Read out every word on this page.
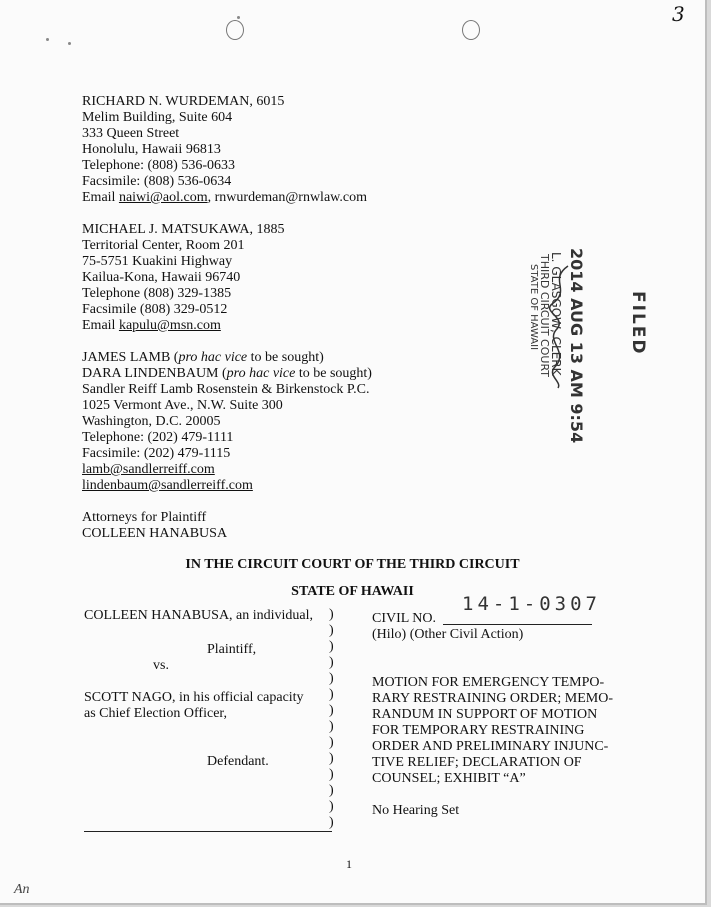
3
RICHARD N. WURDEMAN, 6015
Melim Building, Suite 604
333 Queen Street
Honolulu, Hawaii 96813
Telephone: (808) 536-0633
Facsimile: (808) 536-0634
Email naiwi@aol.com, rnwurdeman@rnwlaw.com
MICHAEL J. MATSUKAWA, 1885
Territorial Center, Room 201
75-5751 Kuakini Highway
Kailua-Kona, Hawaii 96740
Telephone (808) 329-1385
Facsimile (808) 329-0512
Email kapulu@msn.com
JAMES LAMB (pro hac vice to be sought)
DARA LINDENBAUM (pro hac vice to be sought)
Sandler Reiff Lamb Rosenstein & Birkenstock P.C.
1025 Vermont Ave., N.W. Suite 300
Washington, D.C. 20005
Telephone: (202) 479-1111
Facsimile: (202) 479-1115
lamb@sandlerreiff.com
lindenbaum@sandlerreiff.com
Attorneys for Plaintiff
COLLEEN HANABUSA
2014 AUG 13 AM 9:54
L. GLASGOW, CLERK
THIRD CIRCUIT COURT
STATE OF HAWAII	FILED
IN THE CIRCUIT COURT OF THE THIRD CIRCUIT
STATE OF HAWAII
COLLEEN HANABUSA, an individual,
Plaintiff,
vs.
SCOTT NAGO, in his official capacity
as Chief Election Officer,
Defendant.
)
)
)
)
)
)
)
)
)
)
)
)
)
)
CIVIL NO.
14-1-0307
(Hilo) (Other Civil Action)
MOTION FOR EMERGENCY TEMPO-
RARY RESTRAINING ORDER; MEMO-
RANDUM IN SUPPORT OF MOTION
FOR TEMPORARY RESTRAINING
ORDER AND PRELIMINARY INJUNC-
TIVE RELIEF; DECLARATION OF
COUNSEL; EXHIBIT “A”
No Hearing Set
1
An
